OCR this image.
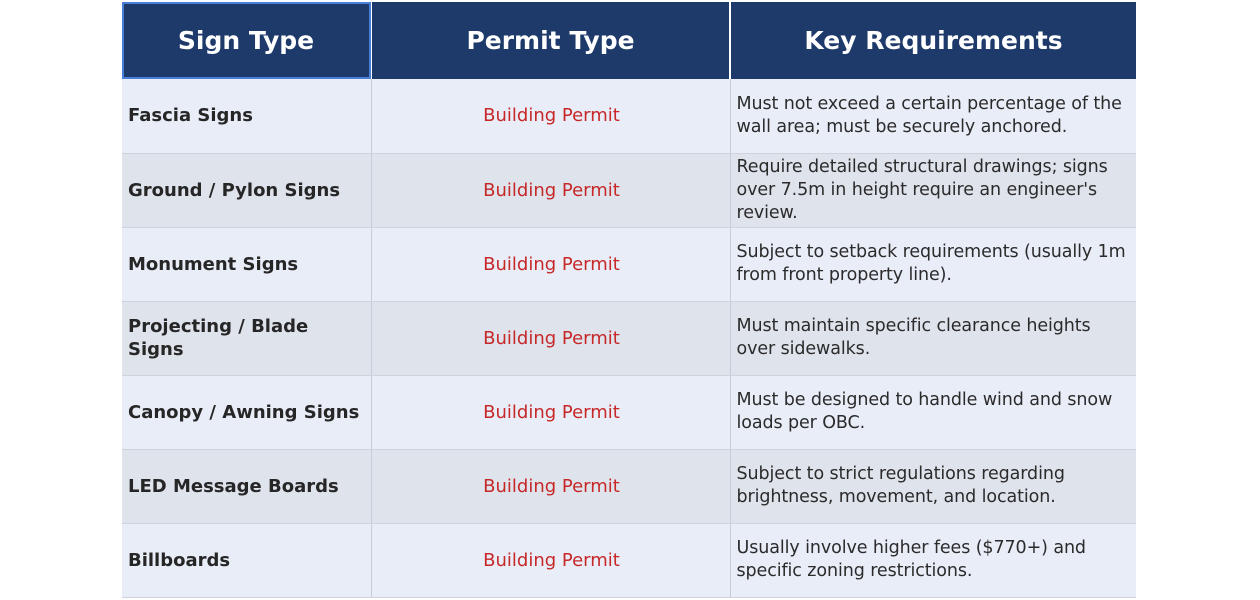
Sign Type	Permit Type	Key Requirements
Fascia Signs	Building Permit	Must not exceed a certain percentage of the wall area; must be securely anchored.
Ground / Pylon Signs	Building Permit	Require detailed structural drawings; signs over 7.5m in height require an engineer's review.
Monument Signs	Building Permit	Subject to setback requirements (usually 1m from front property line).
Projecting / Blade Signs	Building Permit	Must maintain specific clearance heights over sidewalks.
Canopy / Awning Signs	Building Permit	Must be designed to handle wind and snow loads per OBC.
LED Message Boards	Building Permit	Subject to strict regulations regarding brightness, movement, and location.
Billboards	Building Permit	Usually involve higher fees ($770+) and specific zoning restrictions.
